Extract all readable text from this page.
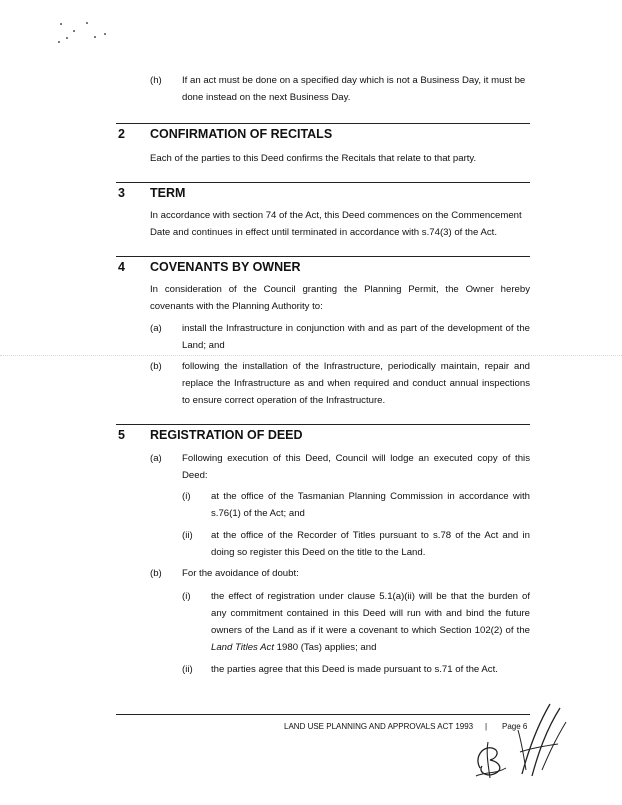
(h) If an act must be done on a specified day which is not a Business Day, it must be
done instead on the next Business Day.
2 CONFIRMATION OF RECITALS
Each of the parties to this Deed confirms the Recitals that relate to that party.
3 TERM
In accordance with section 74 of the Act, this Deed commences on the Commencement
Date and continues in effect until terminated in accordance with s.74(3) of the Act.
4 COVENANTS BY OWNER
In consideration of the Council granting the Planning Permit, the Owner hereby
covenants with the Planning Authority to:
(a) install the Infrastructure in conjunction with and as part of the development of the
Land; and
(b) following the installation of the Infrastructure, periodically maintain, repair and
replace the Infrastructure as and when required and conduct annual inspections
to ensure correct operation of the Infrastructure.
5 REGISTRATION OF DEED
(a) Following execution of this Deed, Council will lodge an executed copy of this
Deed:
(i) at the office of the Tasmanian Planning Commission in accordance with
s.76(1) of the Act; and
(ii) at the office of the Recorder of Titles pursuant to s.78 of the Act and in
doing so register this Deed on the title to the Land.
(b) For the avoidance of doubt:
(i) the effect of registration under clause 5.1(a)(ii) will be that the burden of
any commitment contained in this Deed will run with and bind the future
owners of the Land as if it were a covenant to which Section 102(2) of the
Land Titles Act 1980 (Tas) applies; and
(ii) the parties agree that this Deed is made pursuant to s.71 of the Act.
LAND USE PLANNING AND APPROVALS ACT 1993 | Page 6
